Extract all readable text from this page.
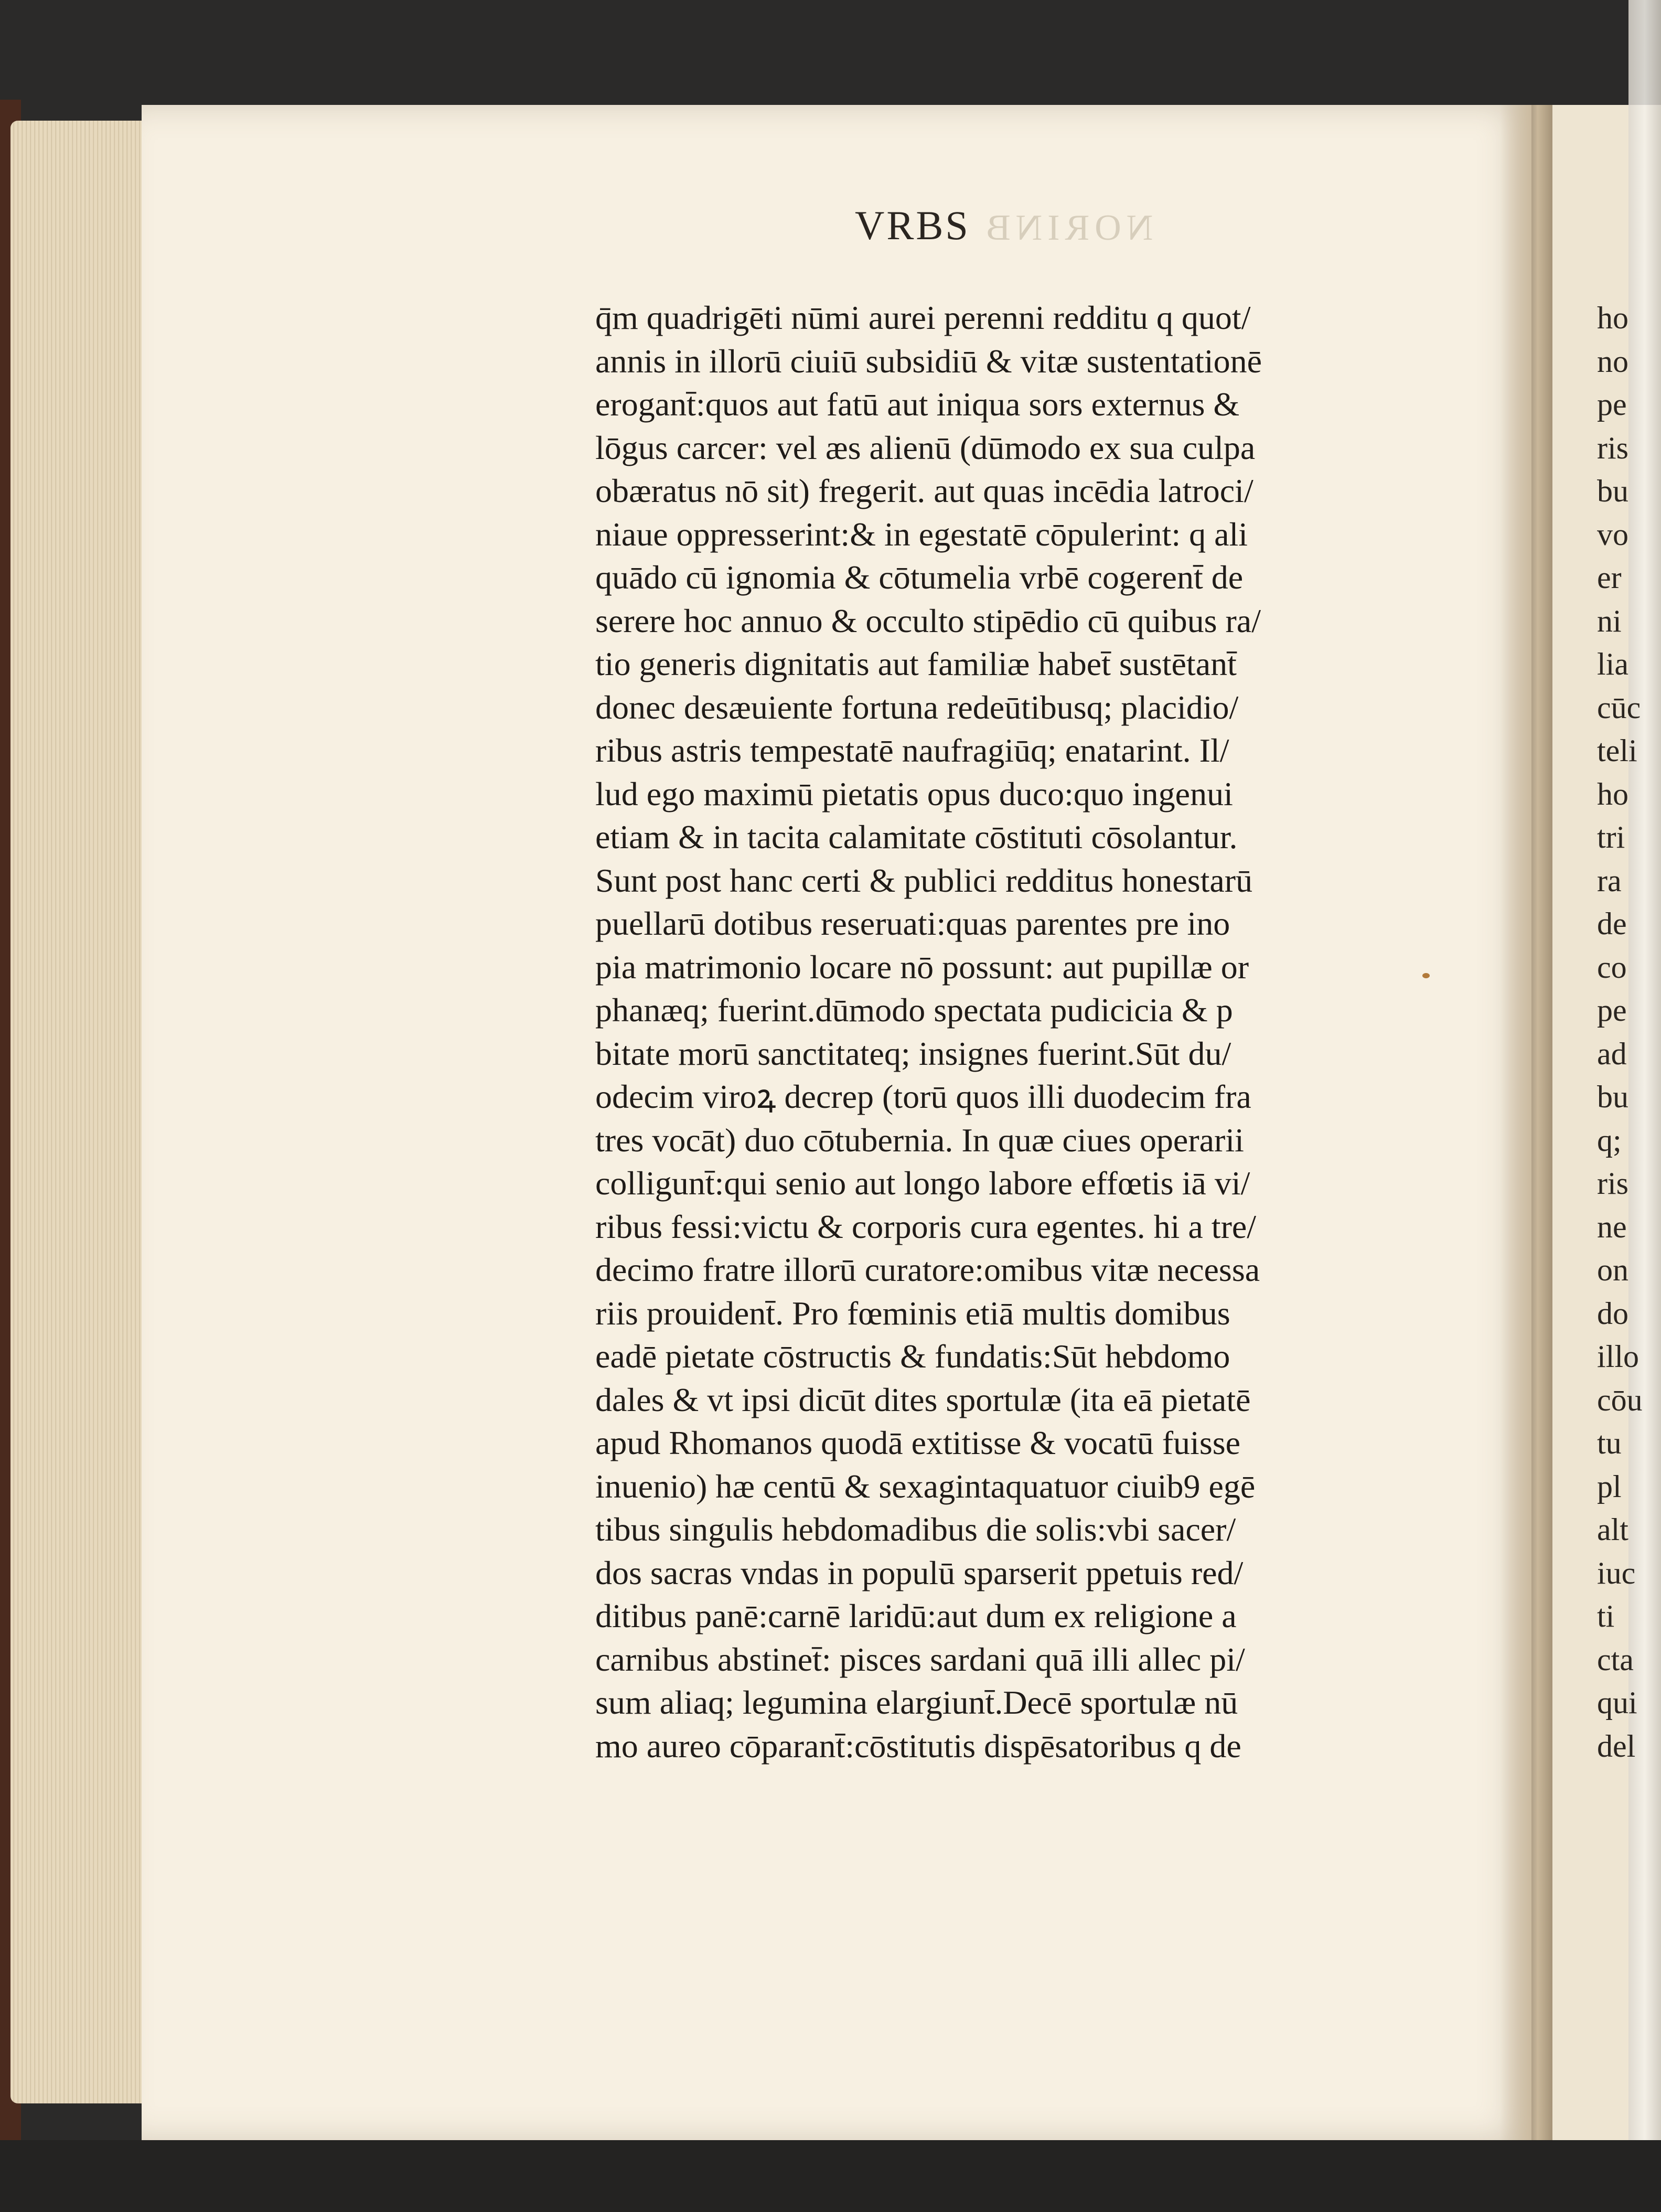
NORINB
VRBS
q̄m quadrigēti nūmi aurei perenni redditu q quot/
annis in illorū ciuiū subsidiū & vitæ sustentationē
erogant̄:quos aut fatū aut iniqua sors externus &
lōgus carcer: vel æs alienū (dūmodo ex sua culpa
obæratus nō sit) fregerit. aut quas incēdia latroci/
niaue oppresserint:& in egestatē cōpulerint: q ali
quādo cū ignomia & cōtumelia vrbē cogerent̄ de
serere hoc annuo & occulto stipēdio cū quibus ra/
tio generis dignitatis aut familiæ habet̄ sustētant̄
donec desæuiente fortuna redeūtibusq; placidio/
ribus astris tempestatē naufragiūq; enatarint. Il/
lud ego maximū pietatis opus duco:quo ingenui
etiam & in tacita calamitate cōstituti cōsolantur.
Sunt post hanc certi & publici redditus honestarū
puellarū dotibus reseruati:quas parentes pre ino
pia matrimonio locare nō possunt: aut pupillæ or
phanæq; fuerint.dūmodo spectata pudicicia & p
bitate morū sanctitateq; insignes fuerint.Sūt du/
odecim viroꝝ decrep (torū quos illi duodecim fra
tres vocāt) duo cōtubernia. In quæ ciues operarii
colligunt̄:qui senio aut longo labore effœtis iā vi/
ribus fessi:victu & corporis cura egentes. hi a tre/
decimo fratre illorū curatore:omibus vitæ necessa
riis prouident̄. Pro fœminis etiā multis domibus
eadē pietate cōstructis & fundatis:Sūt hebdomo
dales & vt ipsi dicūt dites sportulæ (ita eā pietatē
apud Rhomanos quodā extitisse & vocatū fuisse
inuenio) hæ centū & sexagintaquatuor ciuib9 egē
tibus singulis hebdomadibus die solis:vbi sacer/
dos sacras vndas in populū sparserit ppetuis red/
ditibus panē:carnē laridū:aut dum ex religione a
carnibus abstinet̄: pisces sardani quā illi allec pi/
sum aliaq; legumina elargiunt̄.Decē sportulæ nū
mo aureo cōparant̄:cōstitutis dispēsatoribus q de
ho
no
pe
ris
bu
vo
er
ni
lia
cūc
teli
ho
tri
ra
de
co
pe
ad
bu
q;
ris
ne
on
do
illo
cōu
tu
pl
alt
iuc
ti
cta
qui
del
